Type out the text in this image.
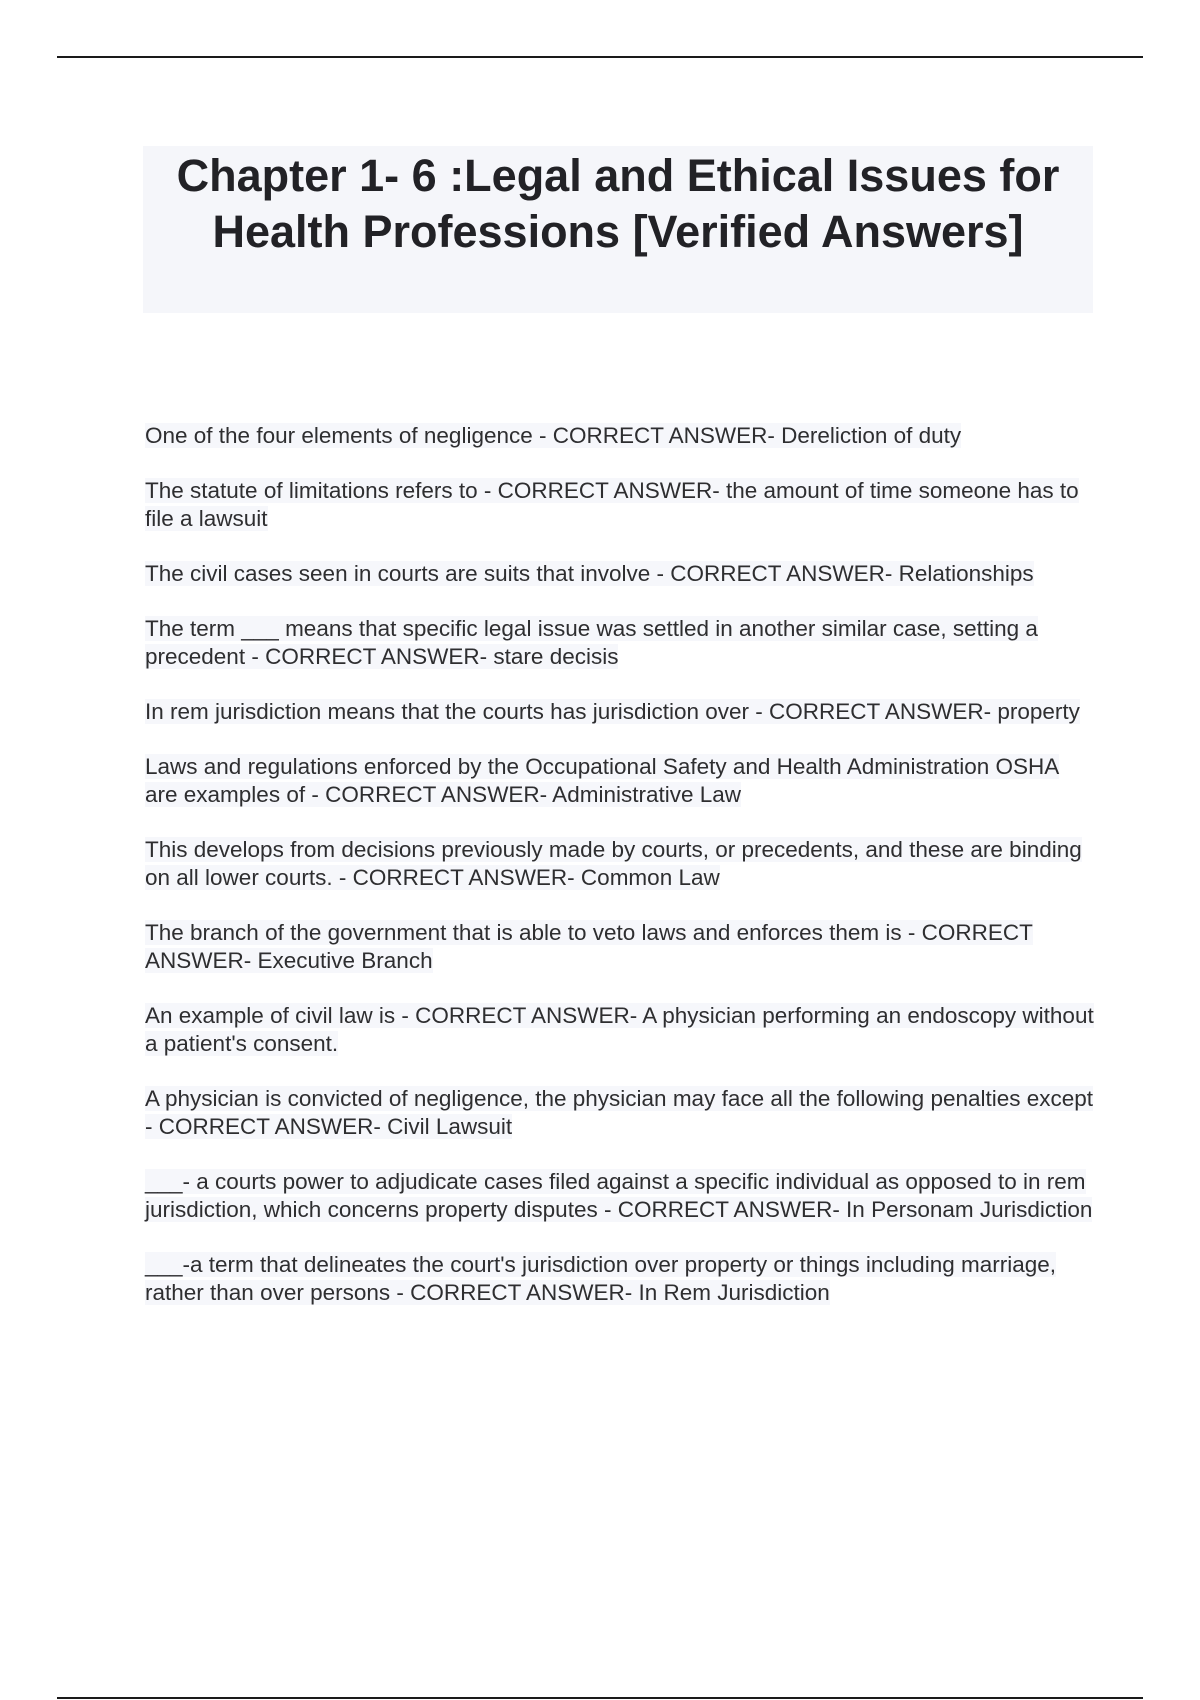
Chapter 1- 6 :Legal and Ethical Issues for Health Professions [Verified Answers]
One of the four elements of negligence - CORRECT ANSWER- Dereliction of duty
The statute of limitations refers to - CORRECT ANSWER- the amount of time someone has to file a lawsuit
The civil cases seen in courts are suits that involve - CORRECT ANSWER- Relationships
The term ___ means that specific legal issue was settled in another similar case, setting a precedent - CORRECT ANSWER- stare decisis
In rem jurisdiction means that the courts has jurisdiction over - CORRECT ANSWER- property
Laws and regulations enforced by the Occupational Safety and Health Administration OSHA are examples of - CORRECT ANSWER- Administrative Law
This develops from decisions previously made by courts, or precedents, and these are binding on all lower courts. - CORRECT ANSWER- Common Law
The branch of the government that is able to veto laws and enforces them is - CORRECT ANSWER- Executive Branch
An example of civil law is - CORRECT ANSWER- A physician performing an endoscopy without a patient's consent.
A physician is convicted of negligence, the physician may face all the following penalties except - CORRECT ANSWER- Civil Lawsuit
___- a courts power to adjudicate cases filed against a specific individual as opposed to in rem jurisdiction, which concerns property disputes - CORRECT ANSWER- In Personam Jurisdiction
___-a term that delineates the court's jurisdiction over property or things including marriage, rather than over persons - CORRECT ANSWER- In Rem Jurisdiction
